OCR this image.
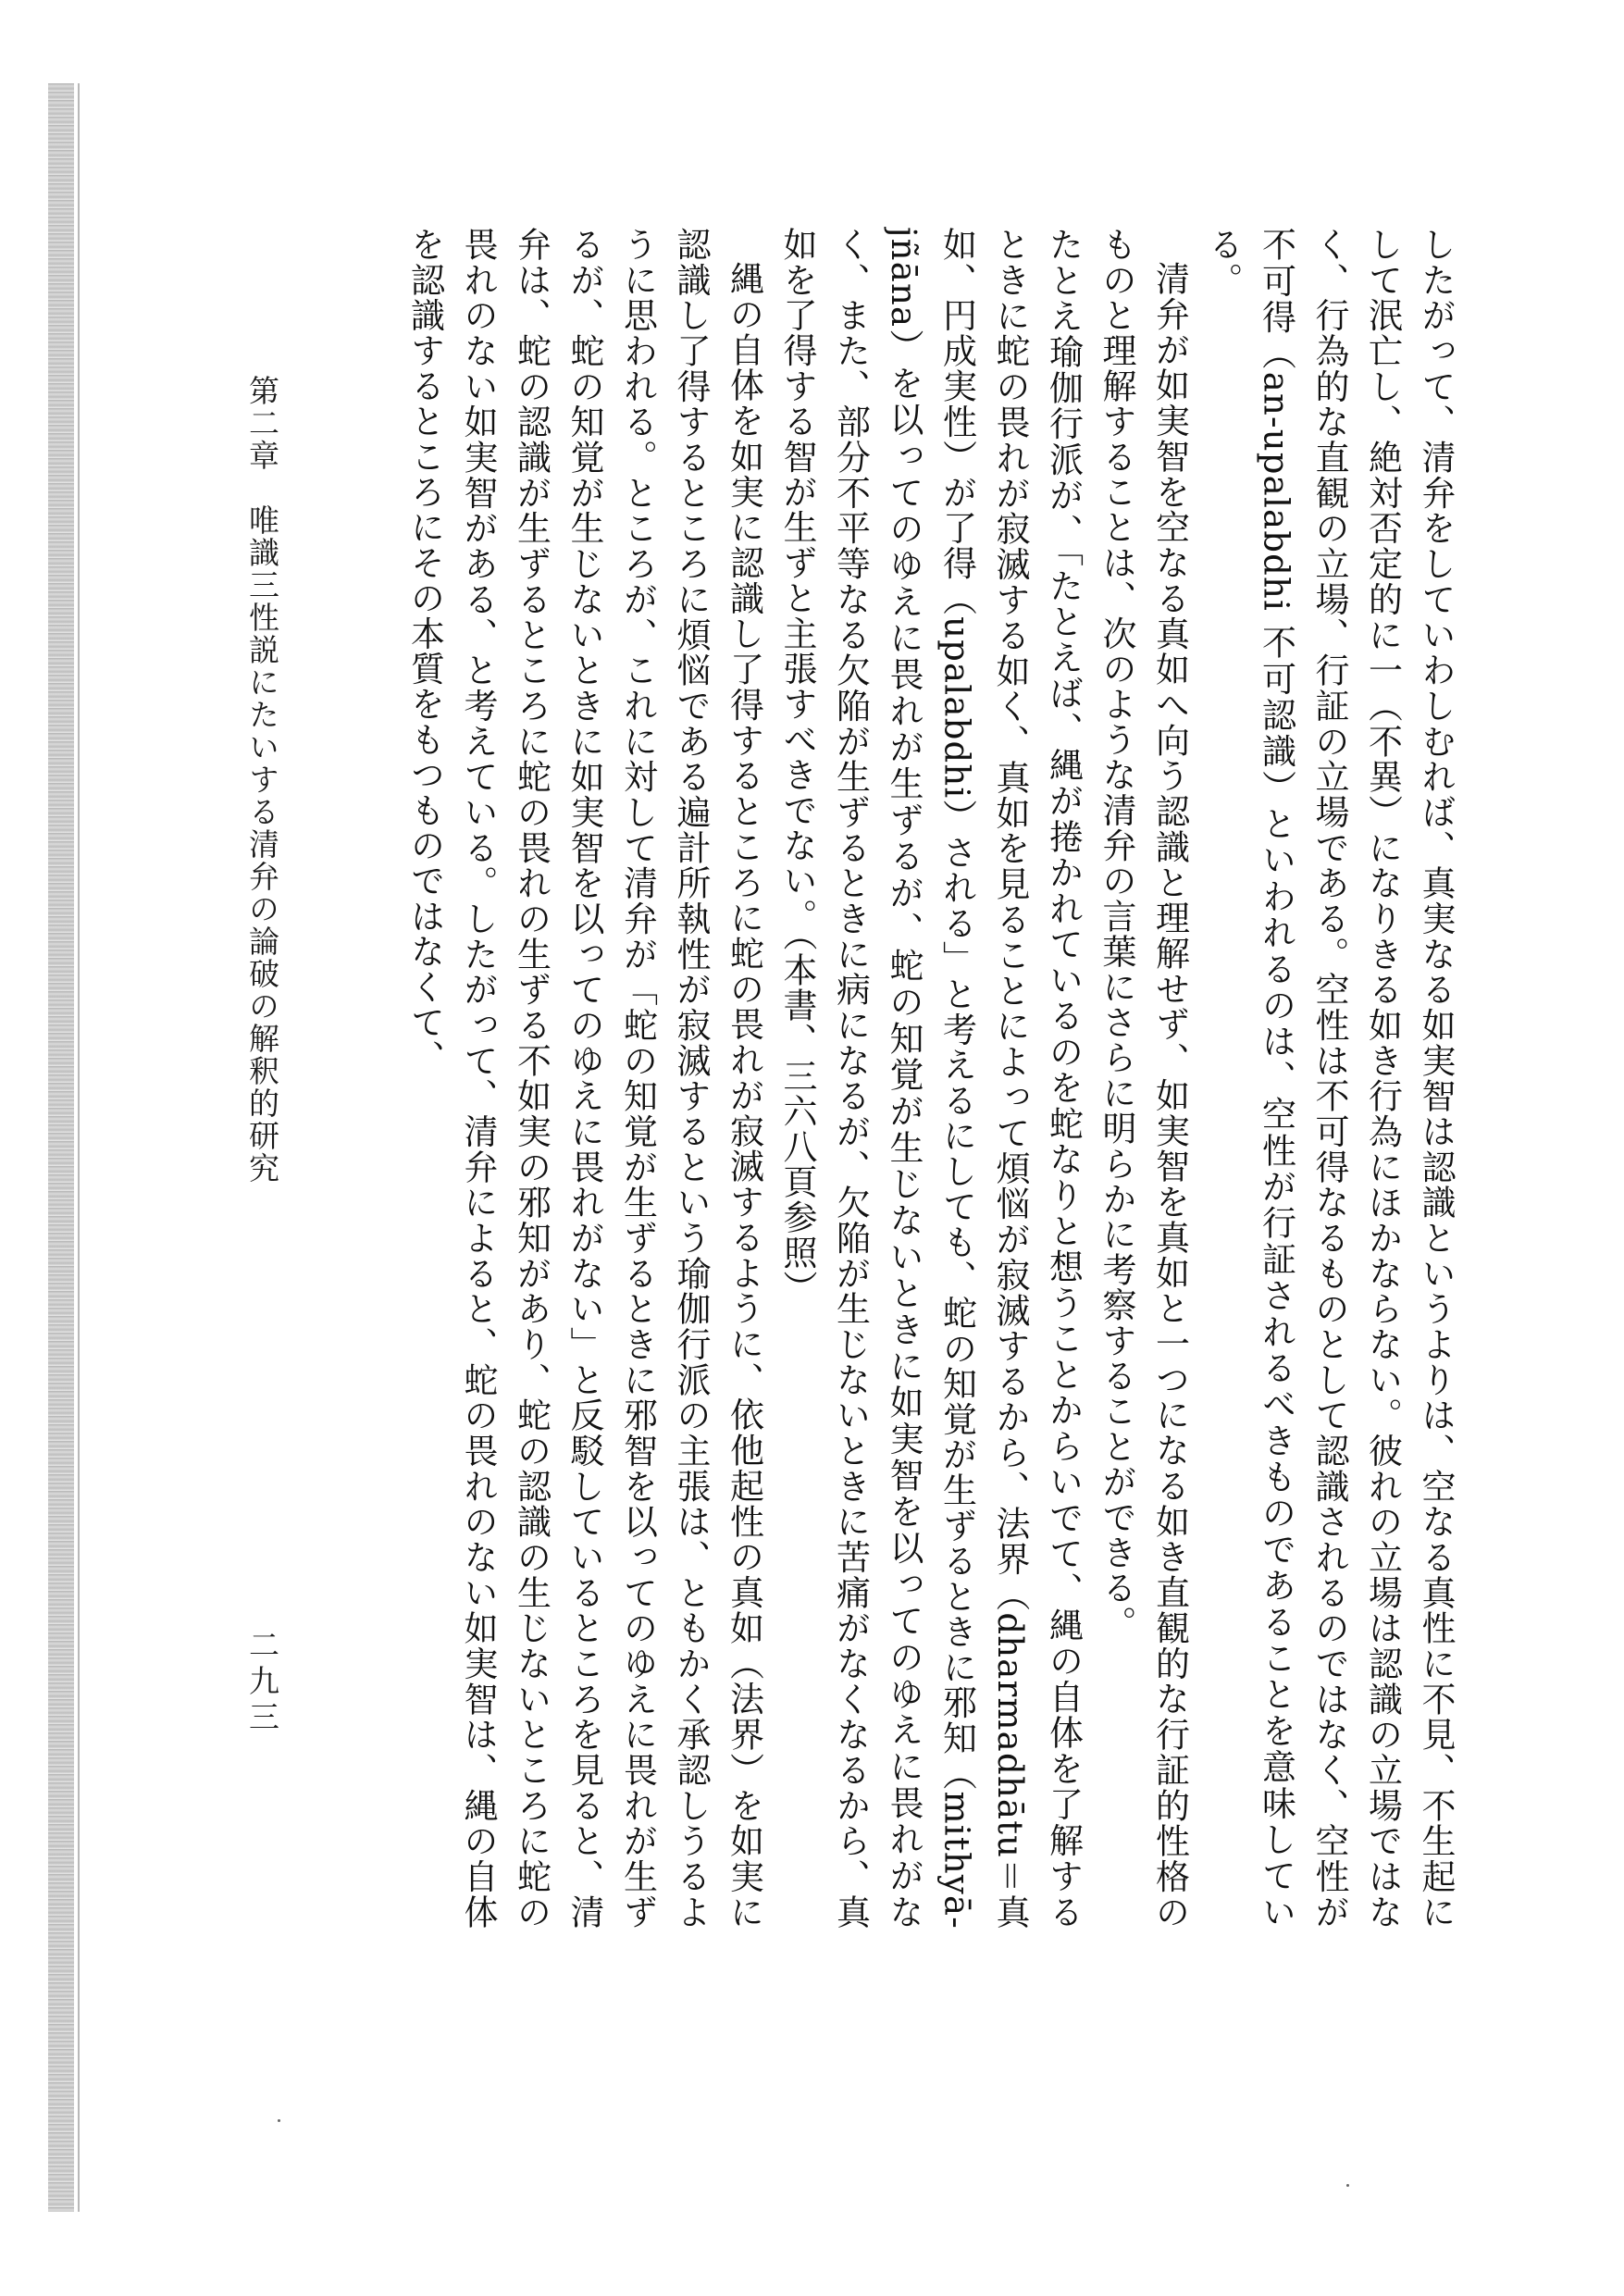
したがって、清弁をしていわしむれば、真実なる如実智は認識というよりは、空なる真性に不見、不生起にして泯亡し、絶対否定的に一（不異）になりきる如き行為にほかならない。彼れの立場は認識の立場ではなく、行為的な直観の立場、行証の立場である。空性は不可得なるものとして認識されるのではなく、空性が不可得（an-upalabdhi 不可認識）といわれるのは、空性が行証されるべきものであることを意味している。

清弁が如実智を空なる真如へ向う認識と理解せず、如実智を真如と一つになる如き直観的な行証的性格のものと理解することは、次のような清弁の言葉にさらに明らかに考察することができる。

たとえ瑜伽行派が、「たとえば、縄が捲かれているのを蛇なりと想うことからいでて、縄の自体を了解するときに蛇の畏れが寂滅する如く、真如を見ることによって煩悩が寂滅するから、法界（dharmadhātu＝真如、円成実性）が了得（upalabdhi）される」と考えるにしても、蛇の知覚が生ずるときに邪知（mithyā-jñāna）を以ってのゆえに畏れが生ずるが、蛇の知覚が生じないときに如実智を以ってのゆえに畏れがなく、また、部分不平等なる欠陥が生ずるときに病になるが、欠陥が生じないときに苦痛がなくなるから、真如を了得する智が生ずと主張すべきでない。（本書、三六八頁参照）

縄の自体を如実に認識し了得するところに蛇の畏れが寂滅するように、依他起性の真如（法界）を如実に認識し了得するところに煩悩である遍計所執性が寂滅するという瑜伽行派の主張は、ともかく承認しうるように思われる。ところが、これに対して清弁が「蛇の知覚が生ずるときに邪智を以ってのゆえに畏れが生ずるが、蛇の知覚が生じないときに如実智を以ってのゆえに畏れがない」と反駁しているところを見ると、清弁は、蛇の認識が生ずるところに蛇の畏れの生ずる不如実の邪知があり、蛇の認識の生じないところに蛇の畏れのない如実智がある、と考えている。したがって、清弁によると、蛇の畏れのない如実智は、縄の自体を認識するところにその本質をもつものではなくて、

第二章　唯識三性説にたいする清弁の論破の解釈的研究
二九三
